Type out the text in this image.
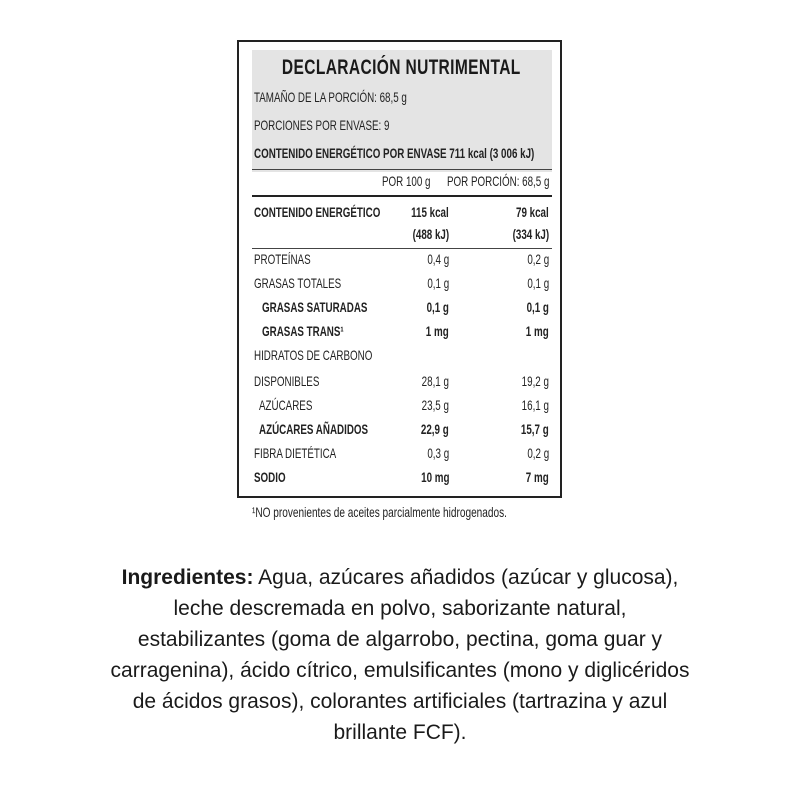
DECLARACIÓN NUTRIMENTAL
TAMAÑO DE LA PORCIÓN: 68,5 g
PORCIONES POR ENVASE: 9
CONTENIDO ENERGÉTICO POR ENVASE 711 kcal (3 006 kJ)
POR 100 g	POR PORCIÓN: 68,5 g
CONTENIDO ENERGÉTICO	115 kcal	79 kcal
(488 kJ)	(334 kJ)
PROTEÍNAS	0,4 g	0,2 g
GRASAS TOTALES	0,1 g	0,1 g
GRASAS SATURADAS	0,1 g	0,1 g
GRASAS TRANS¹	1 mg	1 mg
HIDRATOS DE CARBONO
DISPONIBLES	28,1 g	19,2 g
AZÚCARES	23,5 g	16,1 g
AZÚCARES AÑADIDOS	22,9 g	15,7 g
FIBRA DIETÉTICA	0,3 g	0,2 g
SODIO	10 mg	7 mg
¹NO provenientes de aceites parcialmente hidrogenados.
Ingredientes: Agua, azúcares añadidos (azúcar y glucosa),
leche descremada en polvo, saborizante natural,
estabilizantes (goma de algarrobo, pectina, goma guar y
carragenina), ácido cítrico, emulsificantes (mono y diglicéridos
de ácidos grasos), colorantes artificiales (tartrazina y azul
brillante FCF).
